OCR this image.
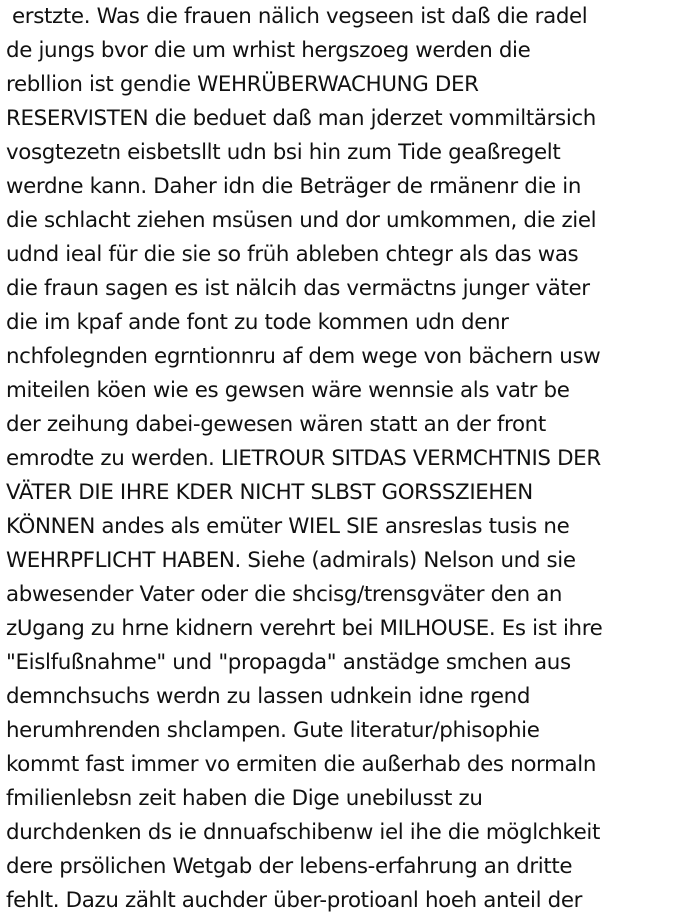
erstzte. Was die frauen nälich vegseen ist daß die radel
de jungs bvor die um wrhist hergszoeg werden die
rebllion ist gendie WEHRÜBERWACHUNG DER
RESERVISTEN die beduet daß man jderzet vommiltärsich
vosgtezetn eisbetsllt udn bsi hin zum Tide geaßregelt
werdne kann. Daher idn die Beträger de rmänenr die in
die schlacht ziehen msüsen und dor umkommen, die ziel
udnd ieal für die sie so früh ableben chtegr als das was
die fraun sagen es ist nälcih das vermäctns junger väter
die im kpaf ande font zu tode kommen udn denr
nchfolegnden egrntionnru af dem wege von bächern usw
miteilen köen wie es gewsen wäre wennsie als vatr be
der zeihung dabei-gewesen wären statt an der front
emrodte zu werden. LIETROUR SITDAS VERMCHTNIS DER
VÄTER DIE IHRE KDER NICHT SLBST GORSSZIEHEN
KÖNNEN andes als emüter WIEL SIE ansreslas tusis ne
WEHRPFLICHT HABEN. Siehe (admirals) Nelson und sie
abwesender Vater oder die shcisg/trensgväter den an
zUgang zu hrne kidnern verehrt bei MILHOUSE. Es ist ihre
"Eislfußnahme" und "propagda" anstädge smchen aus
demnchsuchs werdn zu lassen udnkein idne rgend
herumhrenden shclampen. Gute literatur/phisophie
kommt fast immer vo ermiten die außerhab des normaln
fmilienlebsn zeit haben die Dige unebilusst zu
durchdenken ds ie dnnuafschibenw iel ihe die möglchkeit
dere prsölichen Wetgab der lebens-erfahrung an dritte
fehlt. Dazu zählt auchder über-protioanl hoeh anteil der
